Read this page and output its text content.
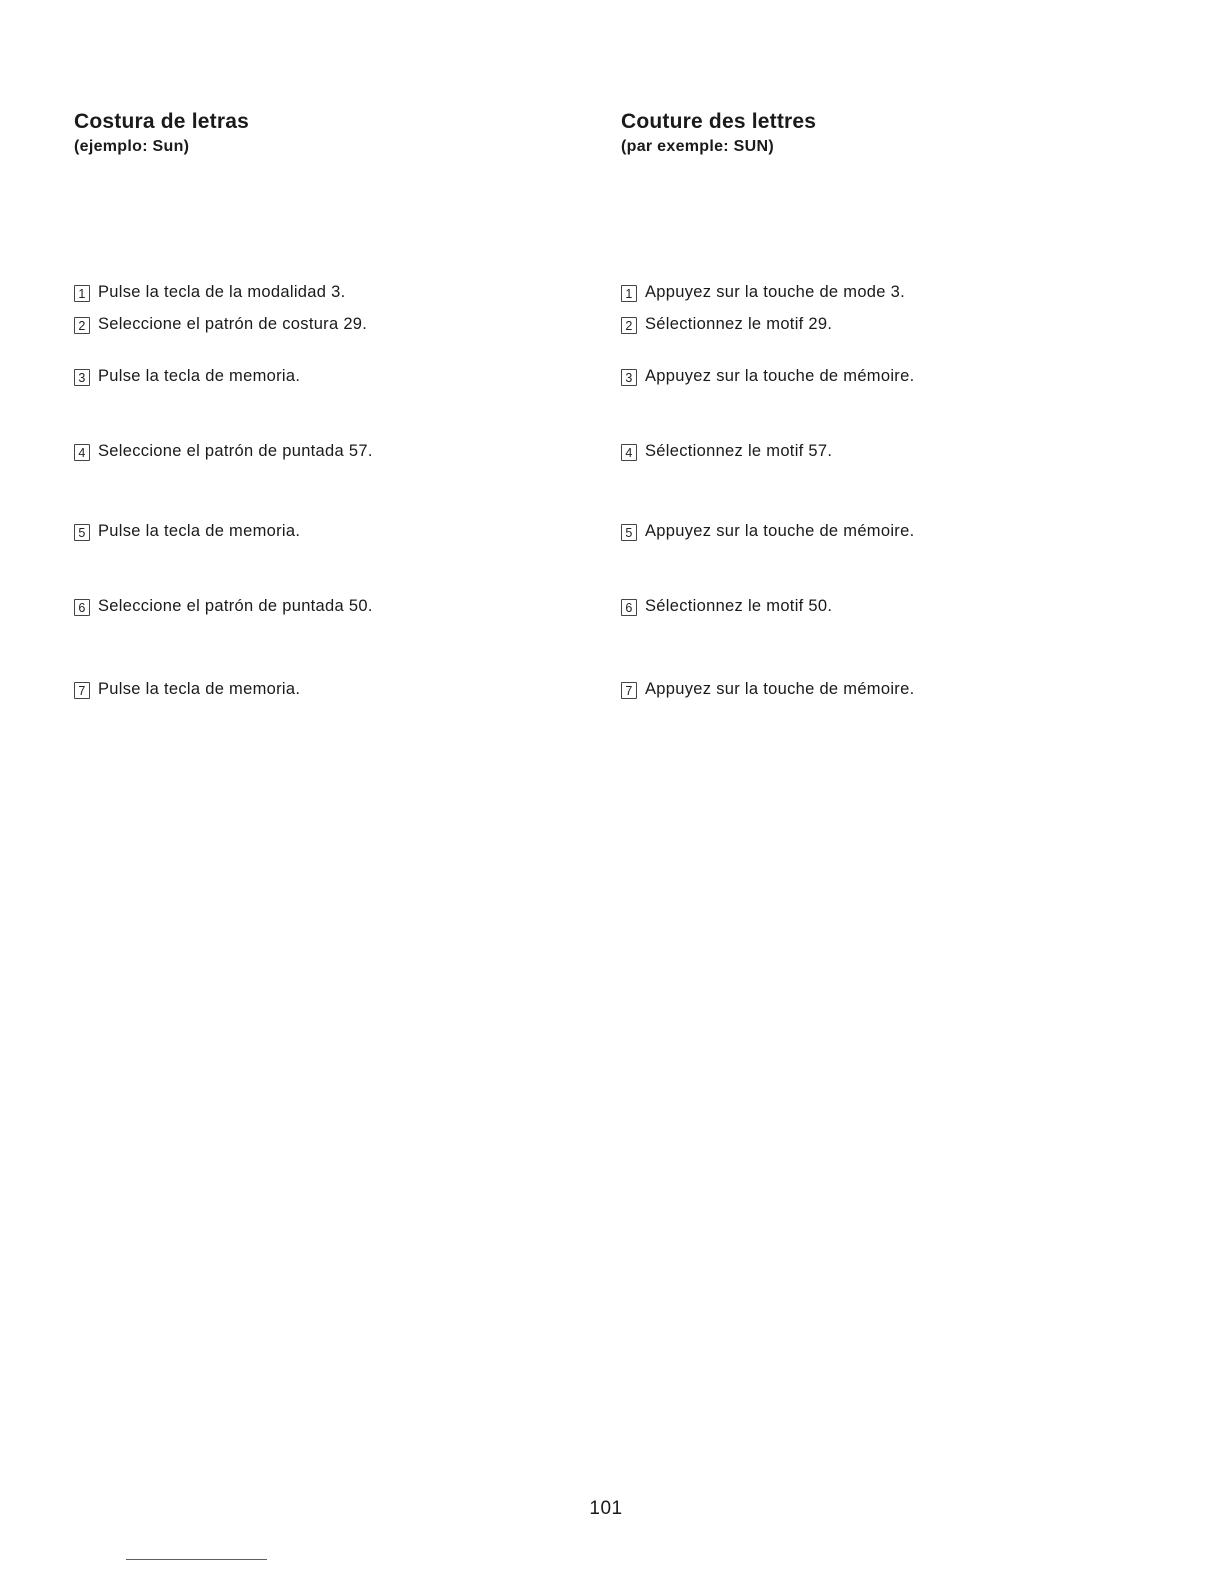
Costura de letras
(ejemplo: Sun)
1 Pulse la tecla de la modalidad 3.
2 Seleccione el patrón de costura 29.
3 Pulse la tecla de memoria.
4 Seleccione el patrón de puntada 57.
5 Pulse la tecla de memoria.
6 Seleccione el patrón de puntada 50.
7 Pulse la tecla de memoria.
Couture des lettres
(par exemple: SUN)
1 Appuyez sur la touche de mode 3.
2 Sélectionnez le motif 29.
3 Appuyez sur la touche de mémoire.
4 Sélectionnez le motif 57.
5 Appuyez sur la touche de mémoire.
6 Sélectionnez le motif 50.
7 Appuyez sur la touche de mémoire.
101
